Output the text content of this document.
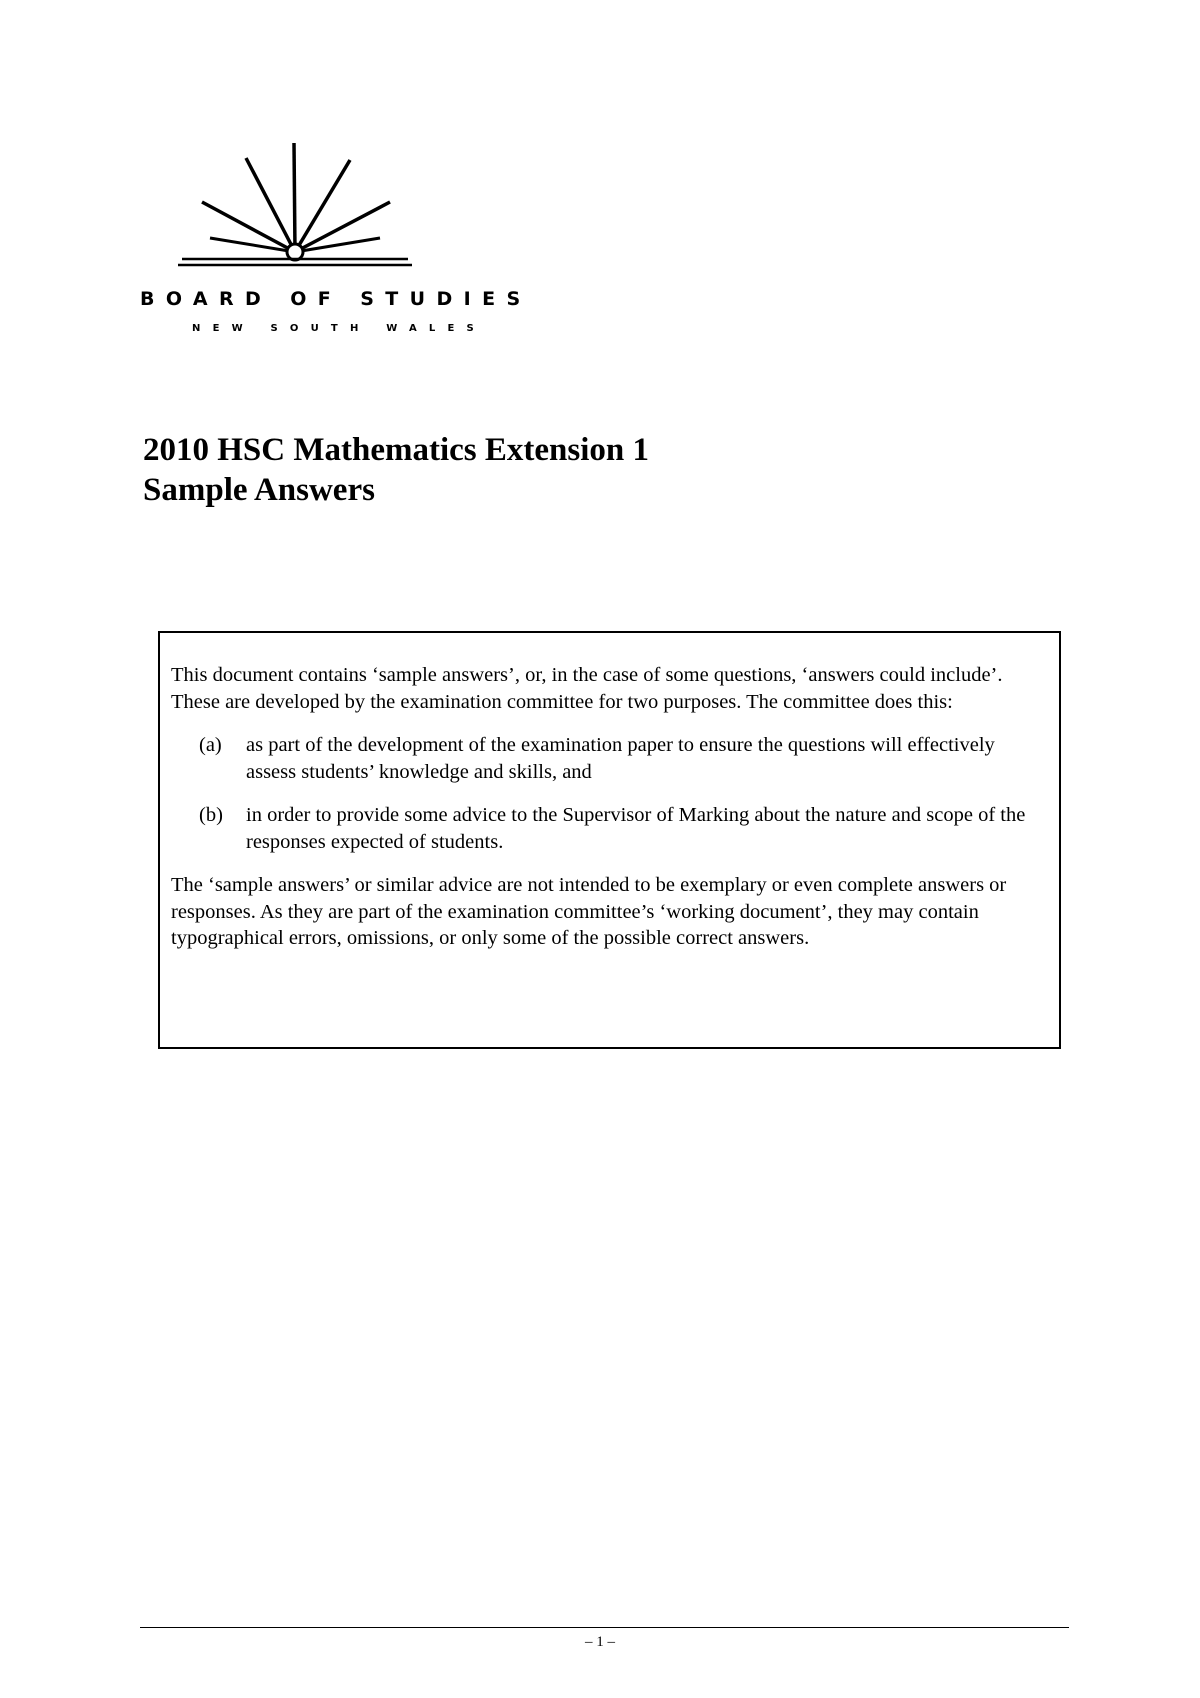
BOARD OF STUDIES
NEW SOUTH WALES
2010 HSC Mathematics Extension 1
Sample Answers

This document contains ‘sample answers’, or, in the case of some questions, ‘answers could include’. These are developed by the examination committee for two purposes. The committee does this:

(a) as part of the development of the examination paper to ensure the questions will effectively assess students’ knowledge and skills, and
(b) in order to provide some advice to the Supervisor of Marking about the nature and scope of the responses expected of students.

The ‘sample answers’ or similar advice are not intended to be exemplary or even complete answers or responses. As they are part of the examination committee’s ‘working document’, they may contain typographical errors, omissions, or only some of the possible correct answers.

– 1 –
